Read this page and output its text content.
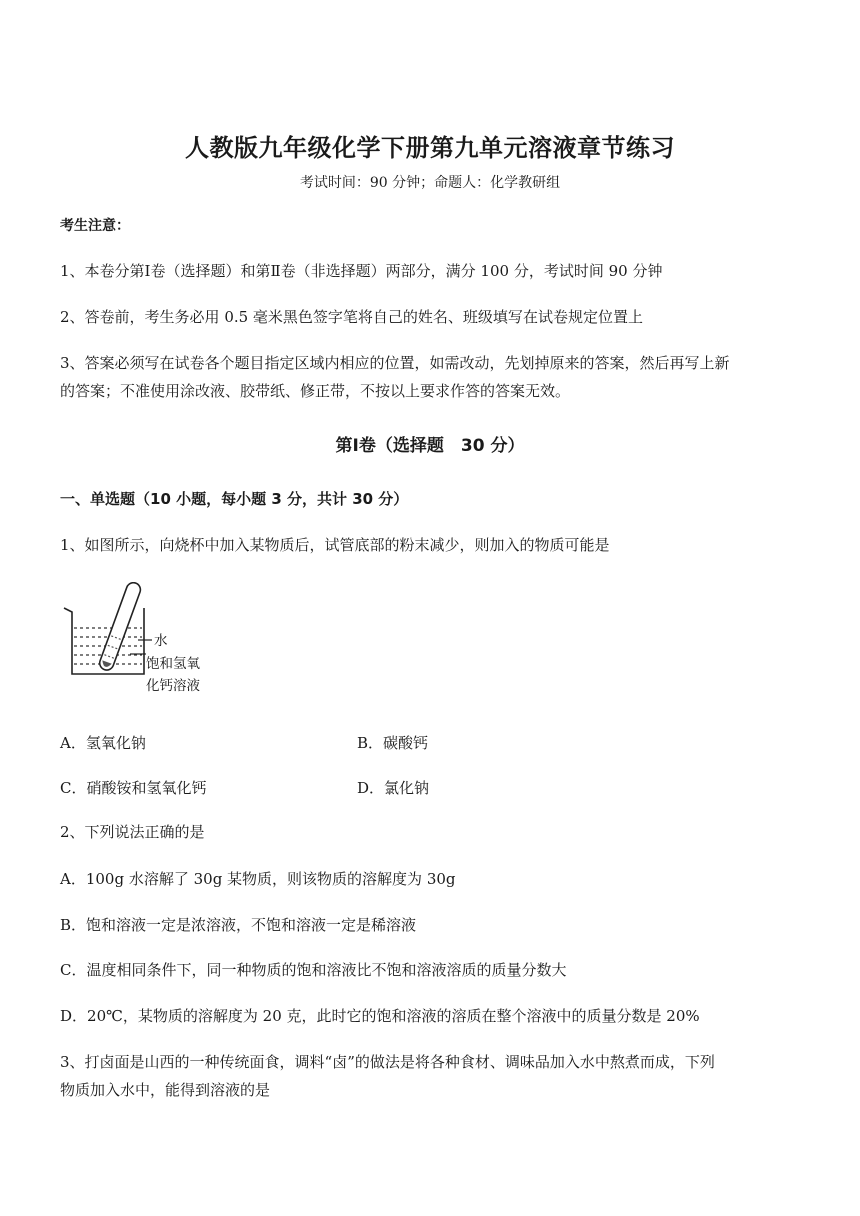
人教版九年级化学下册第九单元溶液章节练习
考试时间：90 分钟；命题人：化学教研组
考生注意：
1、本卷分第Ⅰ卷（选择题）和第Ⅱ卷（非选择题）两部分，满分 100 分，考试时间 90 分钟
2、答卷前，考生务必用 0.5 毫米黑色签字笔将自己的姓名、班级填写在试卷规定位置上
3、答案必须写在试卷各个题目指定区域内相应的位置，如需改动，先划掉原来的答案，然后再写上新
的答案；不准使用涂改液、胶带纸、修正带，不按以上要求作答的答案无效。
第Ⅰ卷（选择题　30 分）
一、单选题（10 小题，每小题 3 分，共计 30 分）
1、如图所示，向烧杯中加入某物质后，试管底部的粉末减少，则加入的物质可能是
水
饱和氢氧
化钙溶液
A．氢氧化钠	B．碳酸钙
C．硝酸铵和氢氧化钙	D．氯化钠
2、下列说法正确的是
A．100g 水溶解了 30g 某物质，则该物质的溶解度为 30g
B．饱和溶液一定是浓溶液，不饱和溶液一定是稀溶液
C．温度相同条件下，同一种物质的饱和溶液比不饱和溶液溶质的质量分数大
D．20℃，某物质的溶解度为 20 克，此时它的饱和溶液的溶质在整个溶液中的质量分数是 20%
3、打卤面是山西的一种传统面食，调料“卤”的做法是将各种食材、调味品加入水中熬煮而成，下列
物质加入水中，能得到溶液的是
